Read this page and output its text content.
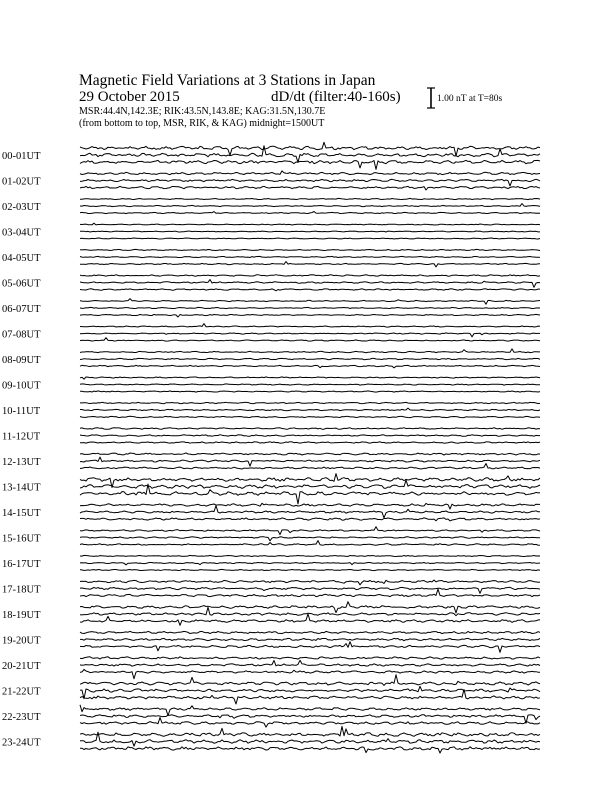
Magnetic Field Variations at 3 Stations in Japan
29 October 2015	dD/dt (filter:40-160s)
MSR:44.4N,142.3E; RIK:43.5N,143.8E; KAG:31.5N,130.7E
(from bottom to top, MSR, RIK, & KAG) midnight=1500UT
1.00 nT at T=80s
00-01UT
01-02UT
02-03UT
03-04UT
04-05UT
05-06UT
06-07UT
07-08UT
08-09UT
09-10UT
10-11UT
11-12UT
12-13UT
13-14UT
14-15UT
15-16UT
16-17UT
17-18UT
18-19UT
19-20UT
20-21UT
21-22UT
22-23UT
23-24UT
